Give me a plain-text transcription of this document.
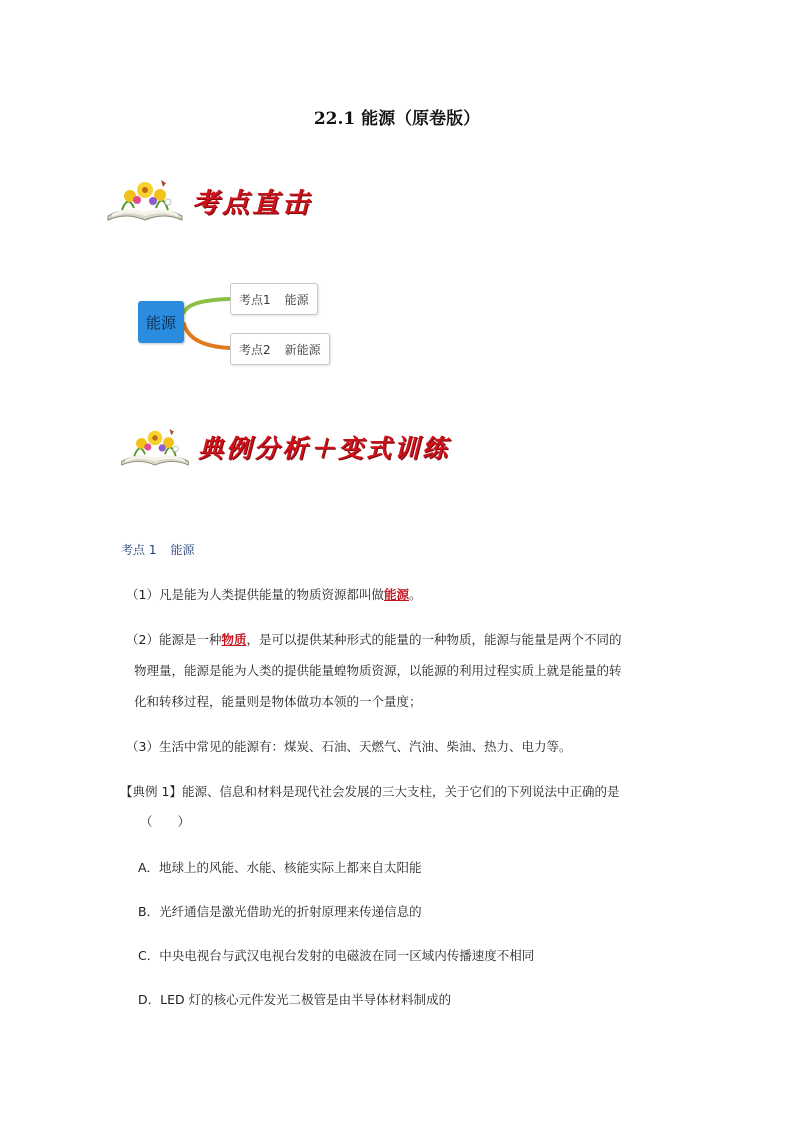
22.1 能源（原卷版）
考点直击
能源
考点1 能源
考点2 新能源
典例分析＋变式训练
考点 1 能源
（1）凡是能为人类提供能量的物质资源都叫做能源。
（2）能源是一种物质，是可以提供某种形式的能量的一种物质，能源与能量是两个不同的
物理量，能源是能为人类的提供能量蝗物质资源，以能源的利用过程实质上就是能量的转
化和转移过程，能量则是物体做功本领的一个量度；
（3）生活中常见的能源有：煤炭、石油、天燃气、汽油、柴油、热力、电力等。
【典例 1】能源、信息和材料是现代社会发展的三大支柱，关于它们的下列说法中正确的是
（　　）
A．地球上的风能、水能、核能实际上都来自太阳能
B．光纤通信是激光借助光的折射原理来传递信息的
C．中央电视台与武汉电视台发射的电磁波在同一区域内传播速度不相同
D．LED 灯的核心元件发光二极管是由半导体材料制成的
